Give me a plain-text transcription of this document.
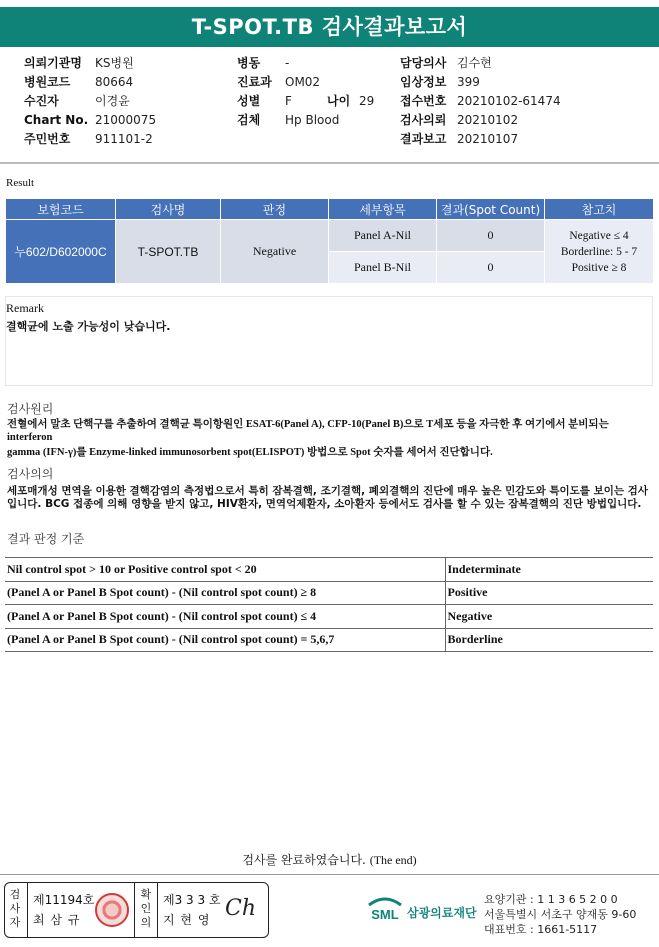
T-SPOT.TB 검사결과보고서
의뢰기관명 KS병원
병원코드 80664
수진자	이경윤
Chart No. 21000075
주민번호 911101-2
병동 -
진료과 OM02
성별 F	나이 29
검체 Hp Blood
담당의사 김수현
임상정보 399
접수번호 20210102-61474
검사의뢰 20210102
결과보고 20210107
Result
보험코드	검사명	판정	세부항목	결과(Spot Count)	참고치
누602/D602000C	T-SPOT.TB	Negative	Panel A-Nil	0	Negative ≤ 4
Borderline: 5 - 7
Positive ≥ 8

			Panel B-Nil	0	
Remark
결핵균에 노출 가능성이 낮습니다.
검사원리
전혈에서 말초 단핵구를 추출하여 결핵균 특이항원인 ESAT-6(Panel A), CFP-10(Panel B)으로 T세포 등을 자극한 후 여기에서 분비되는 interferon
gamma (IFN-γ)를 Enzyme-linked immunosorbent spot(ELISPOT) 방법으로 Spot 숫자를 세어서 진단합니다.
검사의의
세포매개성 면역을 이용한 결핵감염의 측정법으로서 특히 잠복결핵, 조기결핵, 폐외결핵의 진단에 매우 높은 민감도와 특이도를 보이는 검사입니다. BCG 접종에 의해 영향을 받지 않고, HIV환자, 면역억제환자, 소아환자 등에서도 검사를 할 수 있는 잠복결핵의 진단 방법입니다.
결과 판정 기준
Nil control spot > 10 or Positive control spot < 20	Indeterminate
(Panel A or Panel B Spot count) - (Nil control spot count) ≥ 8	Positive
(Panel A or Panel B Spot count) - (Nil control spot count) ≤ 4	Negative
(Panel A or Panel B Spot count) - (Nil control spot count) = 5,6,7	Borderline
검사를 완료하였습니다. (The end)
검
사
자
제11194호
최 삼 규
확
인
의
제3 3 3 호
지 현 영 Ch	SML 삼광의료재단
요양기관 : 1 1 3 6 5 2 0 0
서울특별시 서초구 양재동 9-60
대표번호 : 1661-5117
